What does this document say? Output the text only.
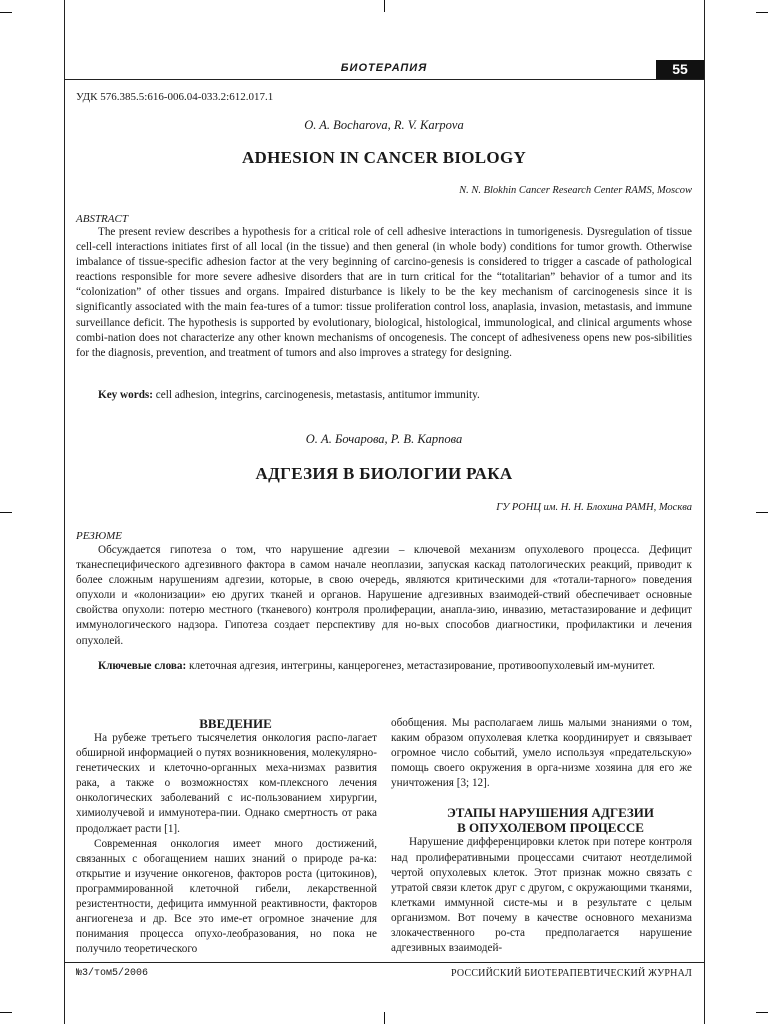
БИОТЕРАПИЯ	55
УДК 576.385.5:616-006.04-033.2:612.017.1
O. A. Bocharova, R. V. Karpova
ADHESION IN CANCER BIOLOGY
N. N. Blokhin Cancer Research Center RAMS, Moscow
ABSTRACT
The present review describes a hypothesis for a critical role of cell adhesive interactions in tumorigenesis. Dysregulation of tissue cell-cell interactions initiates first of all local (in the tissue) and then general (in whole body) conditions for tumor growth. Otherwise imbalance of tissue-specific adhesion factor at the very beginning of carcino-genesis is considered to trigger a cascade of pathological reactions responsible for more severe adhesive disorders that are in turn critical for the “totalitarian” behavior of a tumor and its “colonization” of other tissues and organs. Impaired disturbance is likely to be the key mechanism of carcinogenesis since it is significantly associated with the main fea-tures of a tumor: tissue proliferation control loss, anaplasia, invasion, metastasis, and immune surveillance deficit. The hypothesis is supported by evolutionary, biological, histological, immunological, and clinical arguments whose combi-nation does not characterize any other known mechanisms of oncogenesis. The concept of adhesiveness opens new pos-sibilities for the diagnosis, prevention, and treatment of tumors and also improves a strategy for designing.
Key words: cell adhesion, integrins, carcinogenesis, metastasis, antitumor immunity.
О. А. Бочарова, Р. В. Карпова
АДГЕЗИЯ В БИОЛОГИИ РАКА
ГУ РОНЦ им. Н. Н. Блохина РАМН, Москва
РЕЗЮМЕ
Обсуждается гипотеза о том, что нарушение адгезии – ключевой механизм опухолевого процесса. Дефицит тканеспецифического адгезивного фактора в самом начале неоплазии, запуская каскад патологических реакций, приводит к более сложным нарушениям адгезии, которые, в свою очередь, являются критическими для «тотали-тарного» поведения опухоли и «колонизации» ею других тканей и органов. Нарушение адгезивных взаимодей-ствий обеспечивает основные свойства опухоли: потерю местного (тканевого) контроля пролиферации, анапла-зию, инвазию, метастазирование и дефицит иммунологического надзора. Гипотеза создает перспективу для но-вых способов диагностики, профилактики и лечения опухолей.
Ключевые слова: клеточная адгезия, интегрины, канцерогенез, метастазирование, противоопухолевый им-мунитет.

ВВЕДЕНИЕ

На рубеже третьего тысячелетия онкология распо-лагает обширной информацией о путях возникновения, молекулярно-генетических и клеточно-органных меха-низмах развития рака, а также о возможностях ком-плексного лечения онкологических заболеваний с ис-пользованием хирургии, химиолучевой и иммунотера-пии. Однако смертность от рака продолжает расти [1].

Современная онкология имеет много достижений, связанных с обогащением наших знаний о природе ра-ка: открытие и изучение онкогенов, факторов роста (цитокинов), программированной клеточной гибели, лекарственной резистентности, дефицита иммунной реактивности, факторов ангиогенеза и др. Все это име-ет огромное значение для понимания процесса опухо-леобразования, но пока не получило теоретического

обобщения. Мы располагаем лишь малыми знаниями о том, каким образом опухолевая клетка координирует и связывает огромное число событий, умело используя «предательскую» помощь своего окружения в орга-низме хозяина для его же уничтожения [3; 12].

ЭТАПЫ НАРУШЕНИЯ АДГЕЗИИ

В ОПУХОЛЕВОМ ПРОЦЕССЕ

Нарушение дифференцировки клеток при потере контроля над пролиферативными процессами считают неотделимой чертой опухолевых клеток. Этот признак можно связать с утратой связи клеток друг с другом, с окружающими тканями, клетками иммунной систе-мы и в результате с целым организмом. Вот почему в качестве основного механизма злокачественного ро-ста предполагается нарушение адгезивных взаимодей-

№3/том5/2006	РОССИЙСКИЙ БИОТЕРАПЕВТИЧЕСКИЙ ЖУРНАЛ
